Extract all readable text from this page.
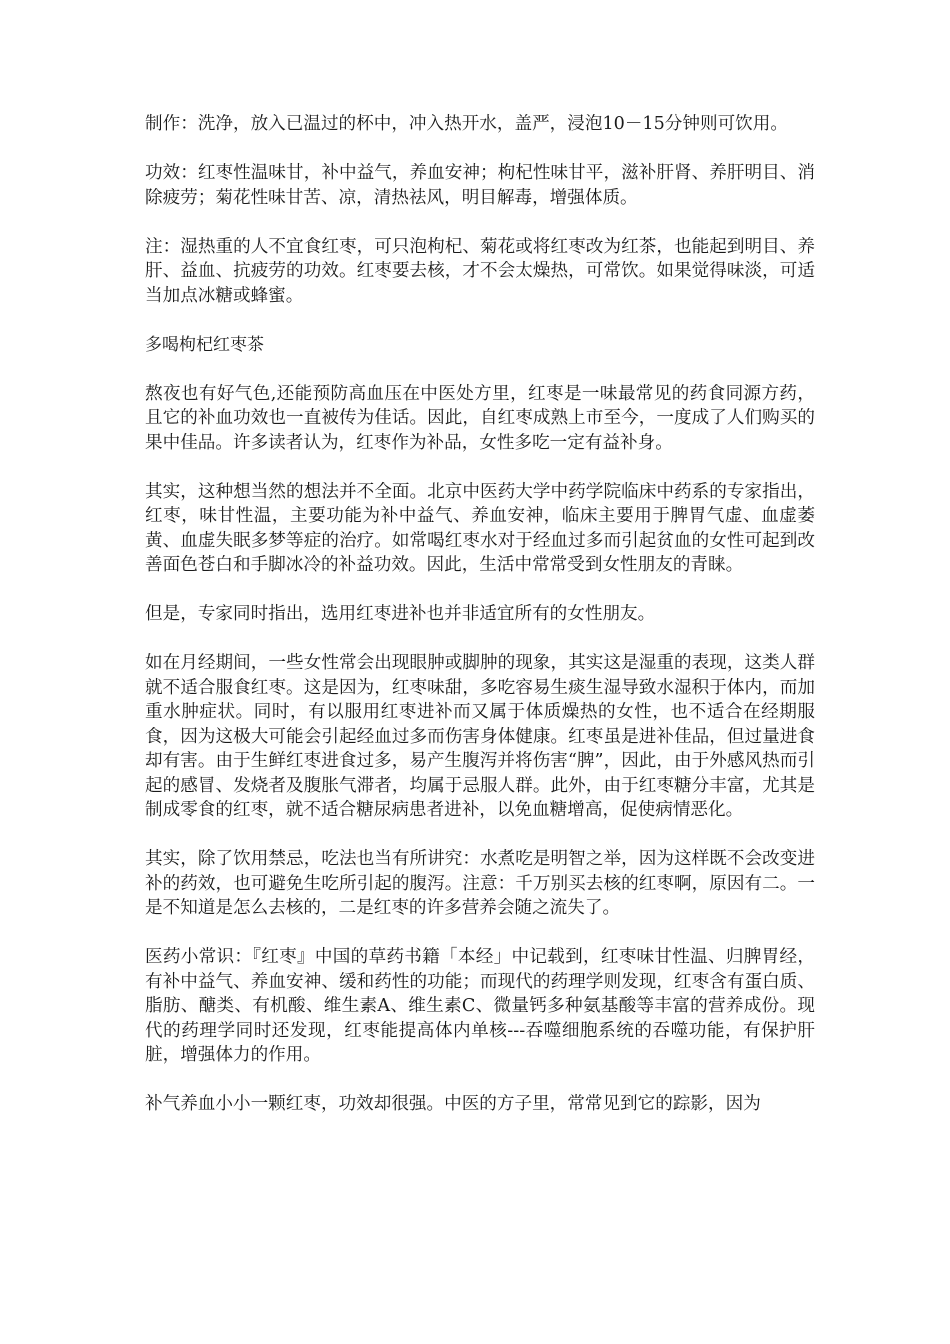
制作：洗净，放入已温过的杯中，冲入热开水，盖严，浸泡10－15分钟则可饮用。

功效：红枣性温味甘，补中益气，养血安神；枸杞性味甘平，滋补肝肾、养肝明目、消除疲劳；菊花性味甘苦、凉，清热祛风，明目解毒，增强体质。

注：湿热重的人不宜食红枣，可只泡枸杞、菊花或将红枣改为红茶，也能起到明目、养肝、益血、抗疲劳的功效。红枣要去核，才不会太燥热，可常饮。如果觉得味淡，可适当加点冰糖或蜂蜜。

多喝枸杞红枣茶

熬夜也有好气色,还能预防高血压在中医处方里，红枣是一味最常见的药食同源方药，且它的补血功效也一直被传为佳话。因此，自红枣成熟上市至今，一度成了人们购买的果中佳品。许多读者认为，红枣作为补品，女性多吃一定有益补身。

其实，这种想当然的想法并不全面。北京中医药大学中药学院临床中药系的专家指出，红枣，味甘性温，主要功能为补中益气、养血安神，临床主要用于脾胃气虚、血虚萎黄、血虚失眠多梦等症的治疗。如常喝红枣水对于经血过多而引起贫血的女性可起到改善面色苍白和手脚冰冷的补益功效。因此，生活中常常受到女性朋友的青睐。

但是，专家同时指出，选用红枣进补也并非适宜所有的女性朋友。

如在月经期间，一些女性常会出现眼肿或脚肿的现象，其实这是湿重的表现，这类人群就不适合服食红枣。这是因为，红枣味甜，多吃容易生痰生湿导致水湿积于体内，而加重水肿症状。同时，有以服用红枣进补而又属于体质燥热的女性，也不适合在经期服食，因为这极大可能会引起经血过多而伤害身体健康。红枣虽是进补佳品，但过量进食却有害。由于生鲜红枣进食过多，易产生腹泻并将伤害“脾”，因此，由于外感风热而引起的感冒、发烧者及腹胀气滞者，均属于忌服人群。此外，由于红枣糖分丰富，尤其是制成零食的红枣，就不适合糖尿病患者进补，以免血糖增高，促使病情恶化。

其实，除了饮用禁忌，吃法也当有所讲究：水煮吃是明智之举，因为这样既不会改变进补的药效，也可避免生吃所引起的腹泻。注意：千万别买去核的红枣啊，原因有二。一是不知道是怎么去核的，二是红枣的许多营养会随之流失了。

医药小常识：『红枣』中国的草药书籍「本经」中记载到，红枣味甘性温、归脾胃经，有补中益气、养血安神、缓和药性的功能；而现代的药理学则发现，红枣含有蛋白质、脂肪、醣类、有机酸、维生素A、维生素C、微量钙多种氨基酸等丰富的营养成份。现代的药理学同时还发现，红枣能提高体内单核---吞噬细胞系统的吞噬功能，有保护肝脏，增强体力的作用。

补气养血小小一颗红枣，功效却很强。中医的方子里，常常见到它的踪影，因为
